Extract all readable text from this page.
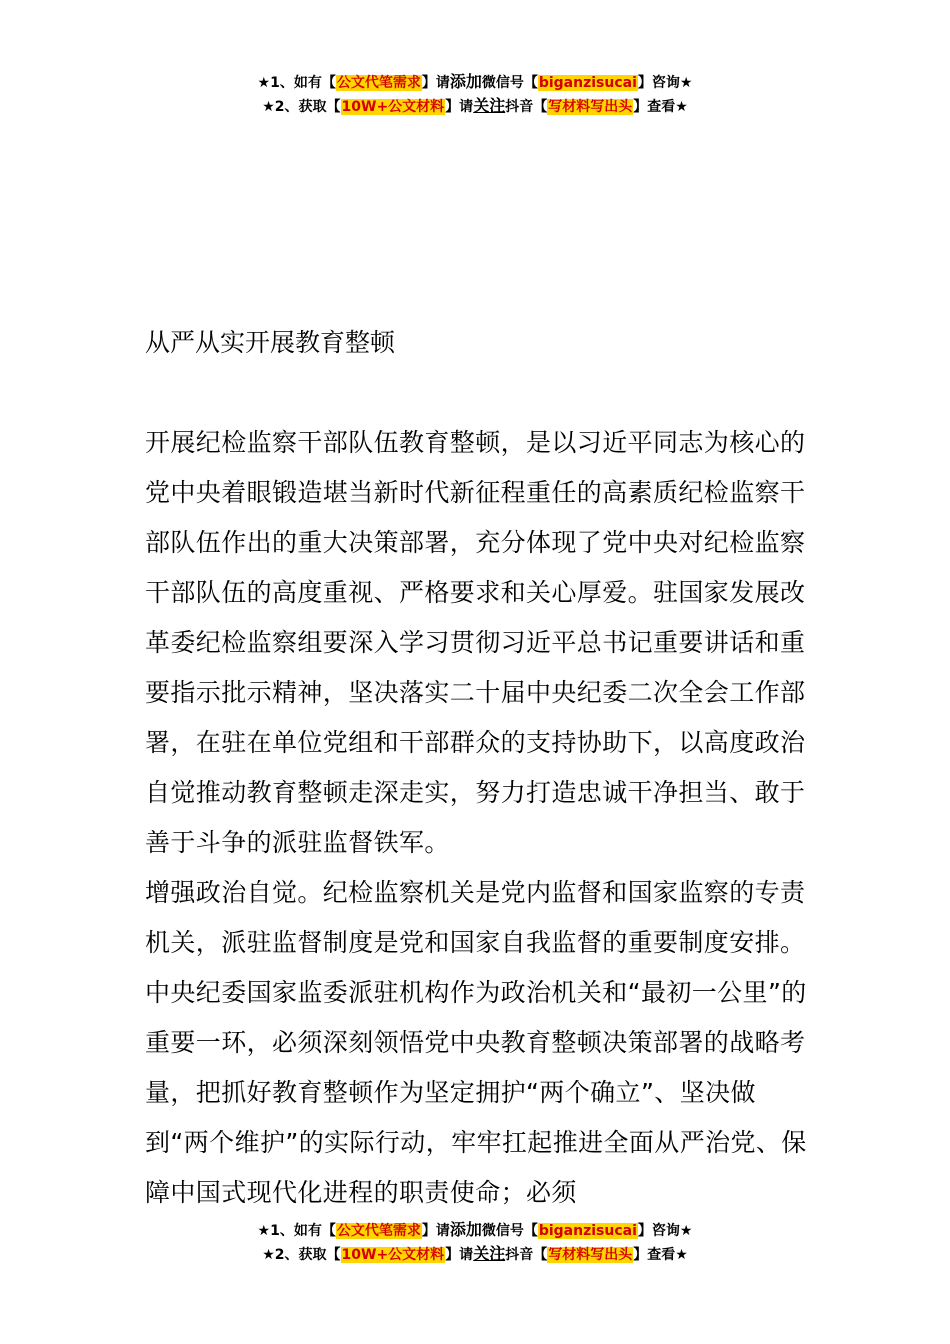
★1、如有【公文代笔需求】请添加微信号【biganzisucai】咨询★
★2、获取【10W+公文材料】请关注抖音【写材料写出头】查看★
从严从实开展教育整顿

开展纪检监察干部队伍教育整顿，是以习近平同志为核心的党中央着眼锻造堪当新时代新征程重任的高素质纪检监察干部队伍作出的重大决策部署，充分体现了党中央对纪检监察干部队伍的高度重视、严格要求和关心厚爱。驻国家发展改革委纪检监察组要深入学习贯彻习近平总书记重要讲话和重要指示批示精神，坚决落实二十届中央纪委二次全会工作部署，在驻在单位党组和干部群众的支持协助下，以高度政治自觉推动教育整顿走深走实，努力打造忠诚干净担当、敢于善于斗争的派驻监督铁军。

增强政治自觉。纪检监察机关是党内监督和国家监察的专责机关，派驻监督制度是党和国家自我监督的重要制度安排。中央纪委国家监委派驻机构作为政治机关和“最初一公里”的重要一环，必须深刻领悟党中央教育整顿决策部署的战略考量，把抓好教育整顿作为坚定拥护“两个确立”、坚决做到“两个维护”的实际行动，牢牢扛起推进全面从严治党、保障中国式现代化进程的职责使命；必须

★1、如有【公文代笔需求】请添加微信号【biganzisucai】咨询★
★2、获取【10W+公文材料】请关注抖音【写材料写出头】查看★
